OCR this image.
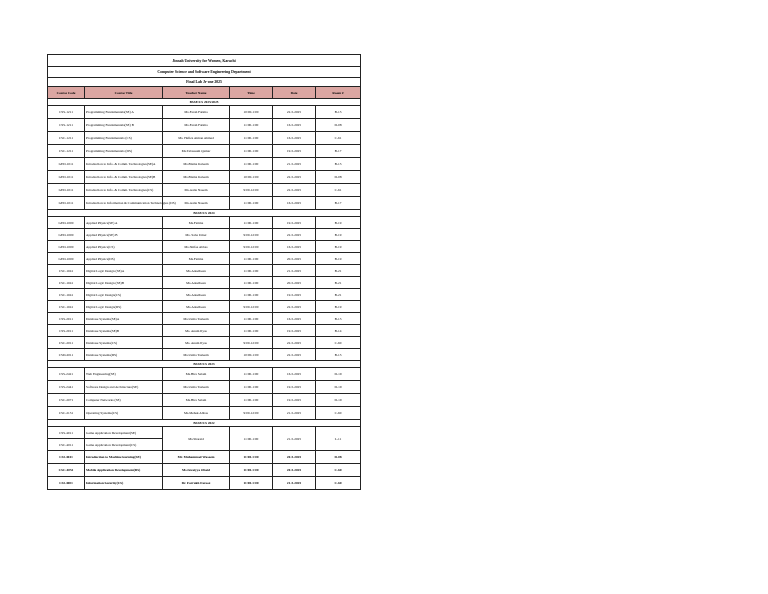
Jinnah University for Women, Karachi					
Computer Science and Software Engineering Department					
Final Lab Jr-one 2025					
Course Code	Course Title	Teacher Name	Time	Date	Room #
BSSE/CS 2025/2025					
CSS-1211	Programming Fundamentals(SE) A	Ms.Farah Fatima	10:00-1:00	22-5-2025	B-13
CSS-1211	Programming Fundamentals(SE) B	Ms.Farah Fatima	11:00-1:00	16-5-2025	D-08
CSC-1211	Programming Fundamentals (CS)	Ms. Hafiza Aiman Ahmed	11:00-1:00	16-5-2025	C-61
CSC-1211	Programming Fundamentals (DS)	Ms.Tabassum Qamar	11:00-1:00	19-5-2025	B-17
GED-1011	Introduction to Info. & Comm. Technologies(SE)A	Ms.Bisma Kaleem	11:00-1:00	21-5-2025	B-13
GED-1011	Introduction to Info. & Comm. Technologies(SE)B	Ms.Bisma Kaleem	10:00-1:00	22-5-2025	D-08
GED-1011	Introduction to Info. & Comm. Technologies(CS)	Ms.Aalia Naeem	9:00-12:00	22-5-2025	C-61
GED-1011	Introduction to Information & Communication Technologies (DS)	Ms.Aalia Naeem	11:00-1:00	16-5-2025	B-17
BSSE/CS 2024					
GED-1000	Applied Physics(SE) A	Ms.Fatima	11:00-1:00	19-5-2025	B-19
GED-1000	Applied Physics(SE) B	Ms. Saba Umer	9:00-12:00	22-5-2025	B-19
GED-1000	Applied Physics(CS)	Ms.Shifaa Abbas	9:00-12:00	16-5-2025	B-19
GED-1000	Applied Physics(DS)	Ms.Fatima	11:00-1:00	20-5-2025	B-19
CSC-1041	Digital Logic Design (SE)A	Ms.Adeelbeen	11:00-1:00	21-5-2025	B-21
CSC-1041	Digital Logic Design (SE)B	Ms.Adeelbeen	11:00-1:00	20-5-2025	B-21
CSC-1041	Digital Logic Design(CS)	Ms.Adeelbeen	11:00-1:00	19-5-2025	B-21
CSC-1041	Digital Logic Design(DS)	Ms.Adeelbeen	9:00-12:00	22-5-2025	B-19
CSS-2011	Database Systems(SE)A	Ms.Uzma Tasleem	11:00-1:00	16-5-2025	B-13
CSS-2011	Database Systems(SE)B	Ms. Anum Ilyas	11:00-1:00	19-5-2025	B-14
CSC-2011	Database Systems(CS)	Ms. Anum Ilyas	9:00-12:00	22-5-2025	C-60
CSD-2011	Database Systems(DS)	Ms.Uzma Tasleem	10:00-1:00	22-5-2025	B-13
BSSE/CS 2023					
CSS-2421	Web Engineering(SE)	Ms.Hira Salam	11:00-1:00	16-5-2025	D-19
CSS-2441	Software Design and Architecture(SE)	Ms.Uzma Tasleem	11:00-1:00	19-5-2025	D-19
CSC-2071	Computer Networks (SE)	Ms.Hira Salam	11:00-1:00	19-5-2025	D-19
CSC-2131	Operating Systems(CS)	Ms.Mehak Abbas	9:00-12:00	21-5-2025	C-60
BSSE/CS 2022					
CSS-4011	Game Application Development(SE)	Ms.Sharaid	11:00-1:00	21-5-2025	L-11
CSC-4011	Game Application Development(CS)				
CSI-4041	Introduction to Machine learning(SE)	Mr. Muhammad Waseem	11:00-1:00	20-5-2025	D-08
CSC-4051	Mobile Application Development(DS)	Ms.Iuvaiyya Obaid	11:00-1:00	20-5-2025	C-60
CSI-4001	Information Security(CS)	Dr. Farrukh Farooz	11:00-1:00	21-5-2025	C-60
